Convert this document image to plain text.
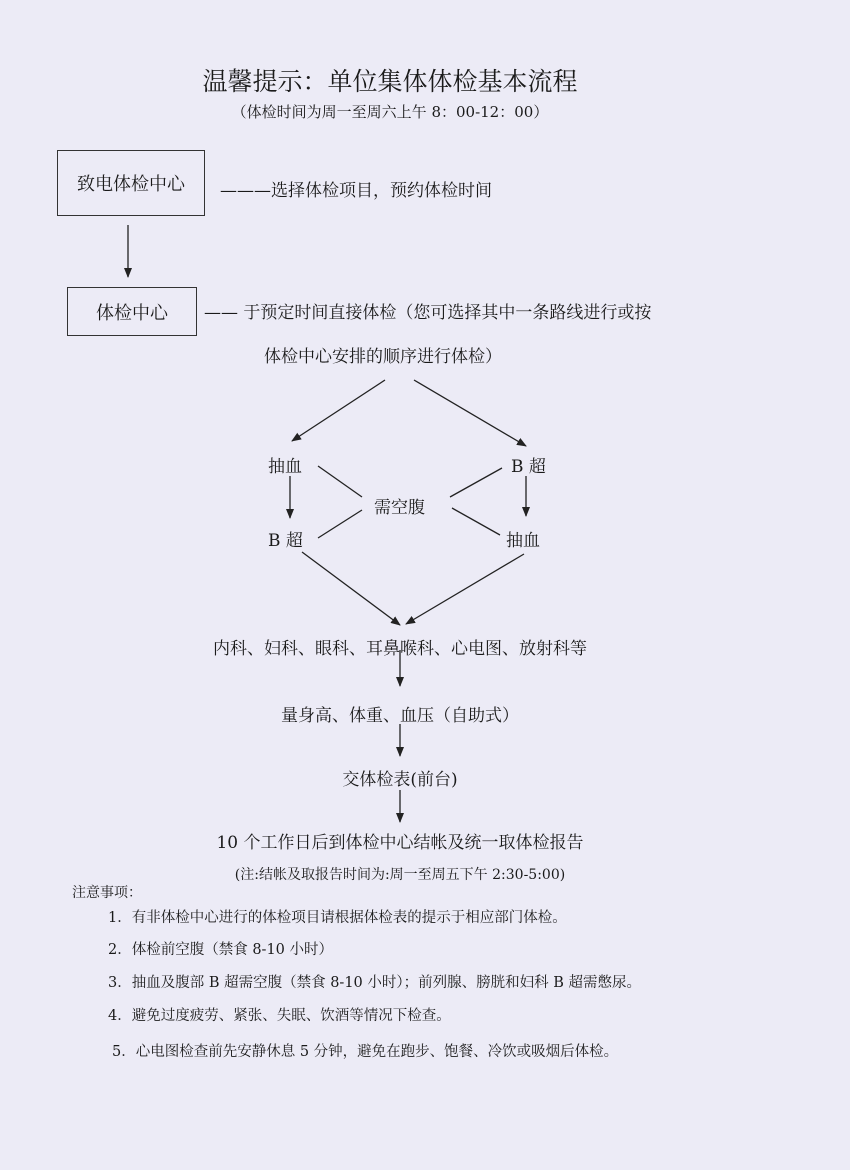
温馨提示：单位集体体检基本流程
（体检时间为周一至周六上午 8：00-12：00）
致电体检中心 ———选择体检项目，预约体检时间
体检中心 —— 于预定时间直接体检（您可选择其中一条路线进行或按
体检中心安排的顺序进行体检）
抽血	B 超
需空腹
B 超	抽血
内科、妇科、眼科、耳鼻喉科、心电图、放射科等
量身高、体重、血压（自助式）
交体检表(前台)
10 个工作日后到体检中心结帐及统一取体检报告
(注:结帐及取报告时间为:周一至周五下午 2:30-5:00)
注意事项：
1．有非体检中心进行的体检项目请根据体检表的提示于相应部门体检。
2．体检前空腹（禁食 8-10 小时）
3．抽血及腹部 B 超需空腹（禁食 8-10 小时）；前列腺、膀胱和妇科 B 超需憋尿。
4．避免过度疲劳、紧张、失眠、饮酒等情况下检查。
5．心电图检查前先安静休息 5 分钟，避免在跑步、饱餐、冷饮或吸烟后体检。
